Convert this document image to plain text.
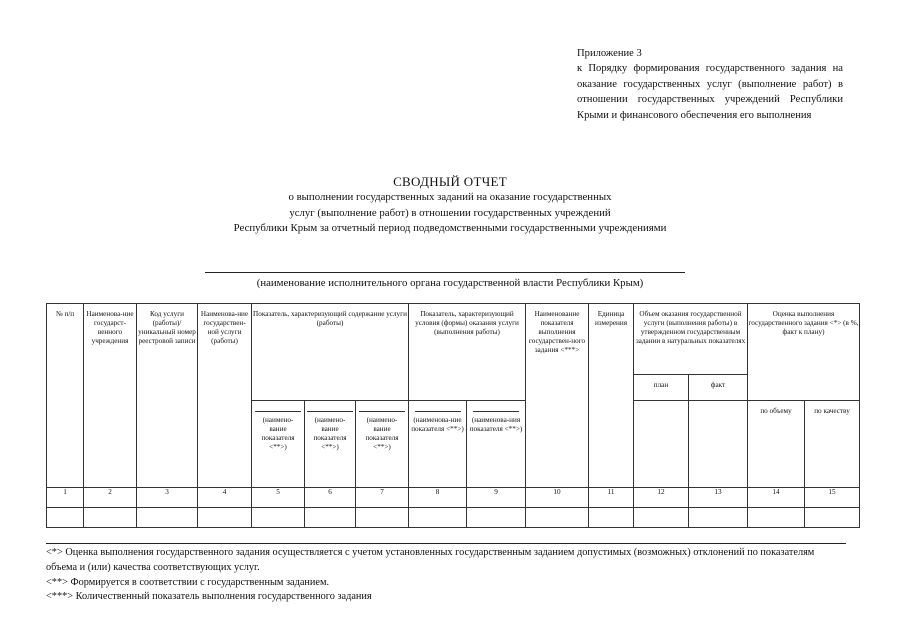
Приложение 3
к Порядку формирования государственного задания на оказание государственных услуг (выполнение работ) в отношении государственных учреждений Республики Крыми и финансового обеспечения его выполнения
СВОДНЫЙ ОТЧЕТ
о выполнении государственных заданий на оказание государственных
услуг (выполнение работ) в отношении государственных учреждений
Республики Крым за отчетный период подведомственными государственными учреждениями
(наименование исполнительного органа государственной власти Республики Крым)
№ п/п	Наименова-ние государст-венного учреждения	Код услуги (работы)/ уникальный номер реестровой записи	Наименова-ние государствен-ной услуги (работы)	Показатель, характеризующий содержание услуги (работы)			Показатель, характеризующий условия (формы) оказания услуги (выполнения работы)		Наименование показателя выполнения государствен-ного задания <***>	Единица измерения	Объем оказания государственной услуги (выполнения работы) в утвержденном государственным задании в натуральных показателях		Оценка выполнения государственного задания <*> (в %, факт к плану)	
											план	факт		

				(наимено-вание показателя <**>)	(наимено-вание показателя <**>)	(наимено-вание показателя <**>)	(наименова-ние показателя <**>)	(наименова-ния показателя <**>)					по объему	по качеству
1	2	3	4	5	6	7	8	9	10	11	12	13	14	15

<*> Оценка выполнения государственного задания осуществляется с учетом установленных государственным заданием допустимых (возможных) отклонений по показателям объема и (или) качества соответствующих услуг.
<**> Формируется в соответствии с государственным заданием.
<***> Количественный показатель выполнения государственного задания
